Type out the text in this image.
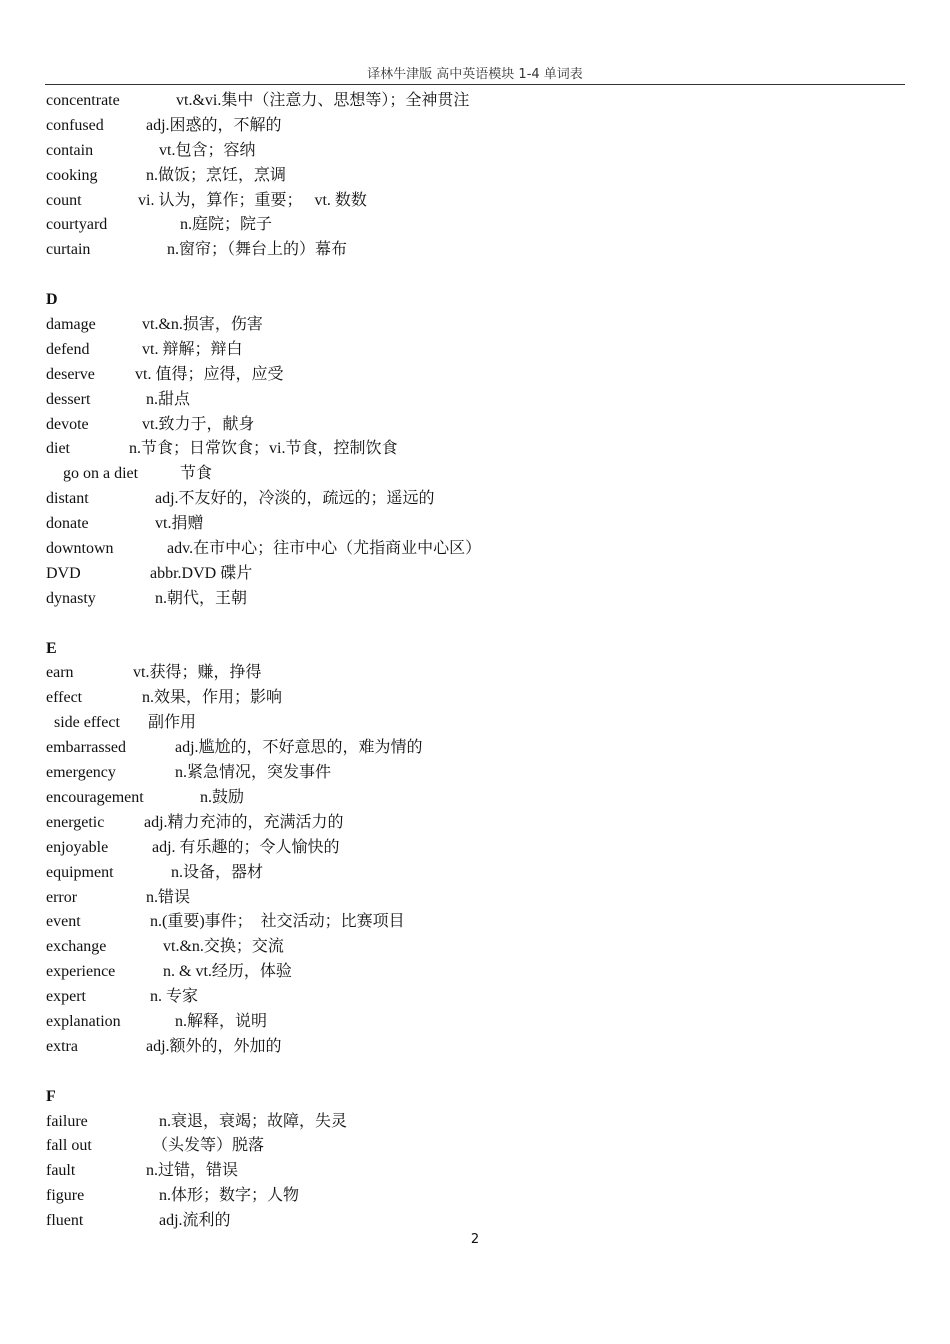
译林牛津版 高中英语模块 1-4 单词表
concentrate	vt.&vi.集中（注意力、思想等）；全神贯注
confused	adj.困惑的，不解的
contain	vt.包含；容纳
cooking	n.做饭；烹饪，烹调
count	vi. 认为，算作；重要；　 vt. 数数
courtyard	n.庭院；院子
curtain	n.窗帘；（舞台上的）幕布
D
damage	vt.&n.损害，伤害
defend	vt. 辩解；辩白
deserve	vt. 值得；应得，应受
dessert	n.甜点
devote	vt.致力于，献身
diet	n.节食；日常饮食；vi.节食，控制饮食
go on a diet	节食
distant	adj.不友好的，冷淡的，疏远的；遥远的
donate	vt.捐赠
downtown	adv.在市中心；往市中心（尤指商业中心区）
DVD	abbr.DVD 碟片
dynasty	n.朝代，王朝
E
earn	vt.获得；赚，挣得
effect	n.效果，作用；影响
side effect 副作用
embarrassed	adj.尴尬的，不好意思的，难为情的
emergency	n.紧急情况，突发事件
encouragement	n.鼓励
energetic adj.精力充沛的，充满活力的
enjoyable	adj. 有乐趣的；令人愉快的
equipment	n.设备，器材
error	n.错误
event	n.(重要)事件；　社交活动；比赛项目
exchange	vt.&n.交换；交流
experience	n. & vt.经历，体验
expert	n. 专家
explanation	n.解释，说明
extra	adj.额外的，外加的
F
failure	n.衰退，衰竭；故障，失灵
fall out	（头发等）脱落
fault	n.过错，错误
figure	n.体形；数字；人物
fluent	adj.流利的
2
